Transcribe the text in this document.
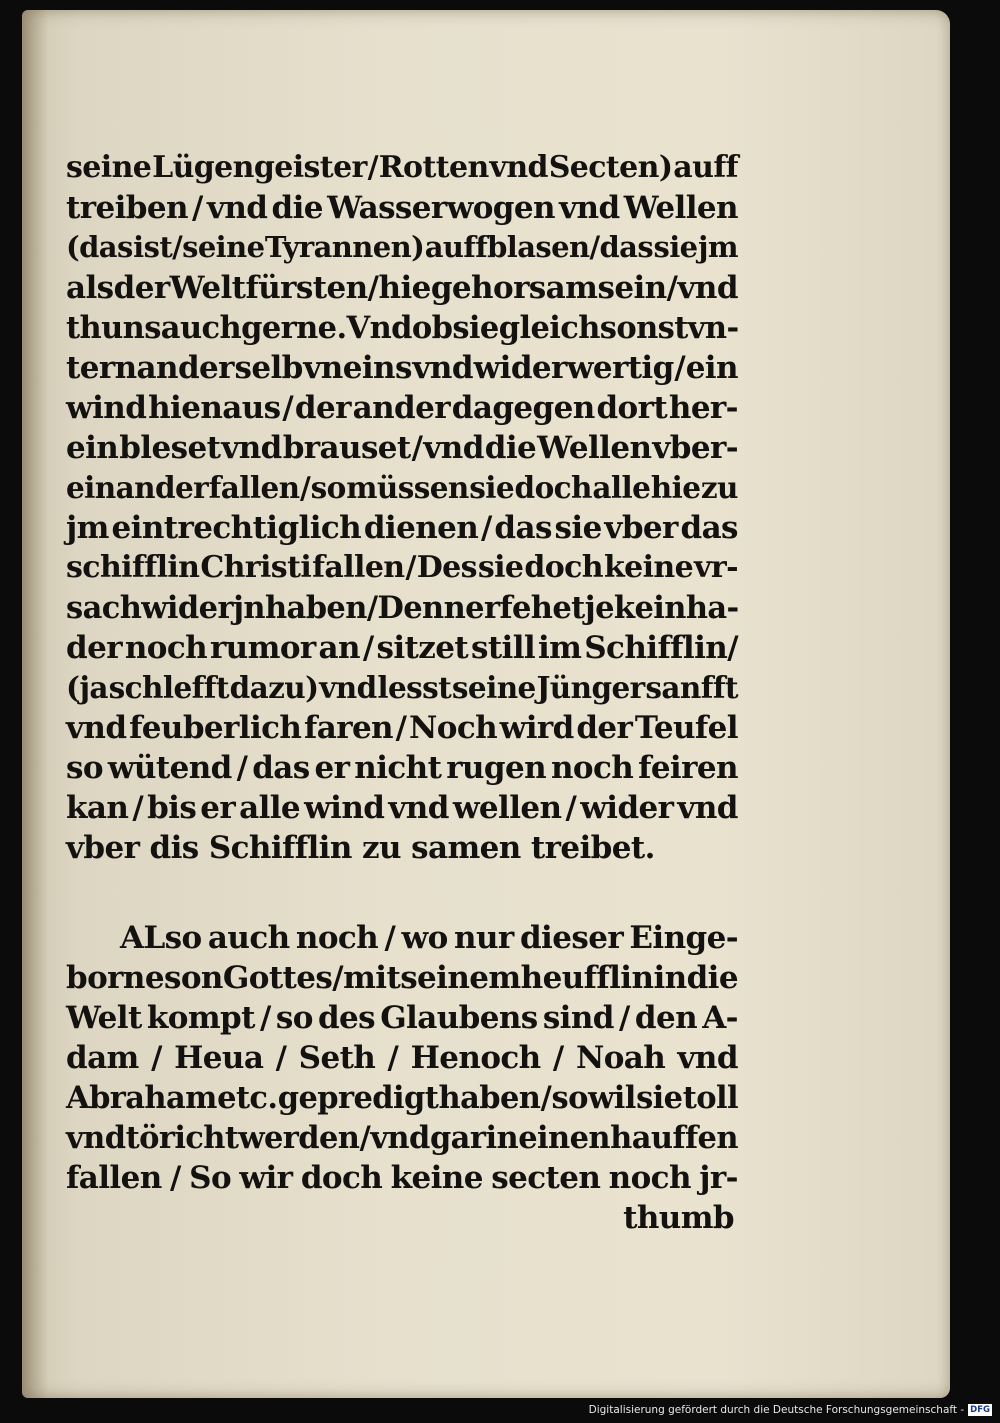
seine Lügengeister / Rotten vnd Secten) auff
treiben / vnd die Wasserwogen vnd Wellen
(das ist/seine Tyrannen) auffblasen/das sie jm
als der Welt fürsten / hie gehorsam sein / vnd
thuns auch gerne. Vnd ob sie gleich sonst vn-
ternander selb vneins vnd widerwertig / ein
wind hienaus / der ander dagegen dort her-
ein bleset vnd brauset / vnd die Wellen vber-
einander fallen / so müssen sie doch alle hie zu
jm eintrechtiglich dienen / das sie vber das
schifflin Christi fallen / Des sie doch keine vr-
sach wider jn haben / Denn er fehet je kein ha-
der noch rumor an / sitzet still im Schifflin/
(ja schlefft dazu) vnd lesst seine Jünger sanfft
vnd feuberlich faren / Noch wird der Teufel
so wütend / das er nicht rugen noch feiren
kan / bis er alle wind vnd wellen / wider vnd
vber dis Schifflin zu samen treibet.
ALso auch noch / wo nur dieser Einge-
borne son Gottes / mit seinem heufflin in die
Welt kompt / so des Glaubens sind / den A-
dam / Heua / Seth / Henoch / Noah vnd
Abraham etc. gepredigt haben / so wil sie toll
vnd törichtwerden / vnd gar in einen hauffen
fallen / So wir doch keine secten noch jr-
thumb
Digitalisierung gefördert durch die Deutsche Forschungsgemeinschaft - DFG
